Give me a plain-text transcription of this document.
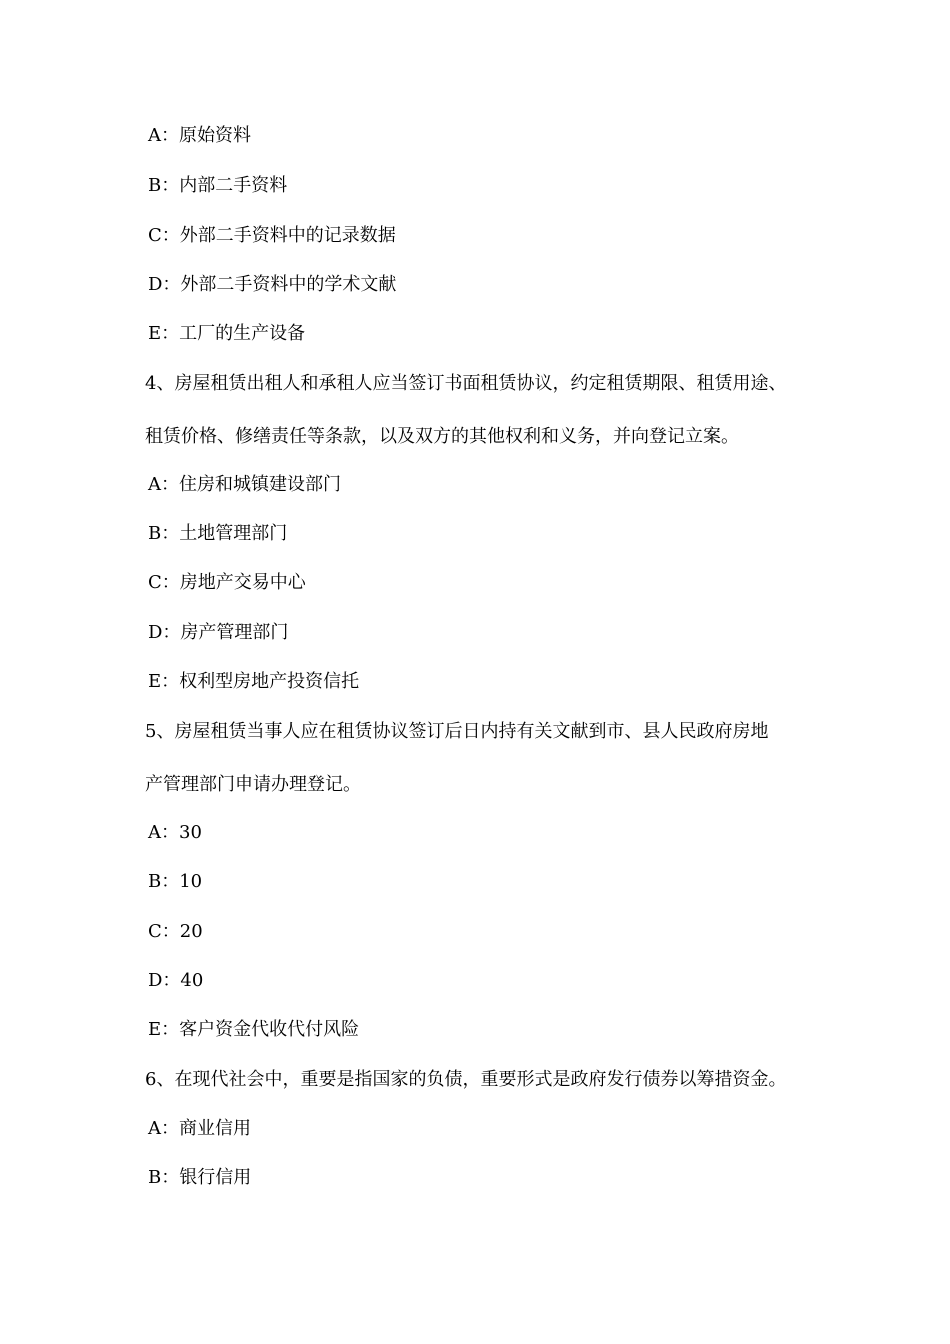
A：原始资料
B：内部二手资料
C：外部二手资料中的记录数据
D：外部二手资料中的学术文献
E：工厂的生产设备
4、房屋租赁出租人和承租人应当签订书面租赁协议，约定租赁期限、租赁用途、
租赁价格、修缮责任等条款，以及双方的其他权利和义务，并向登记立案。
A：住房和城镇建设部门
B：土地管理部门
C：房地产交易中心
D：房产管理部门
E：权利型房地产投资信托
5、房屋租赁当事人应在租赁协议签订后日内持有关文献到市、县人民政府房地
产管理部门申请办理登记。
A：30
B：10
C：20
D：40
E：客户资金代收代付风险
6、在现代社会中，重要是指国家的负债，重要形式是政府发行债券以筹措资金。
A：商业信用
B：银行信用
